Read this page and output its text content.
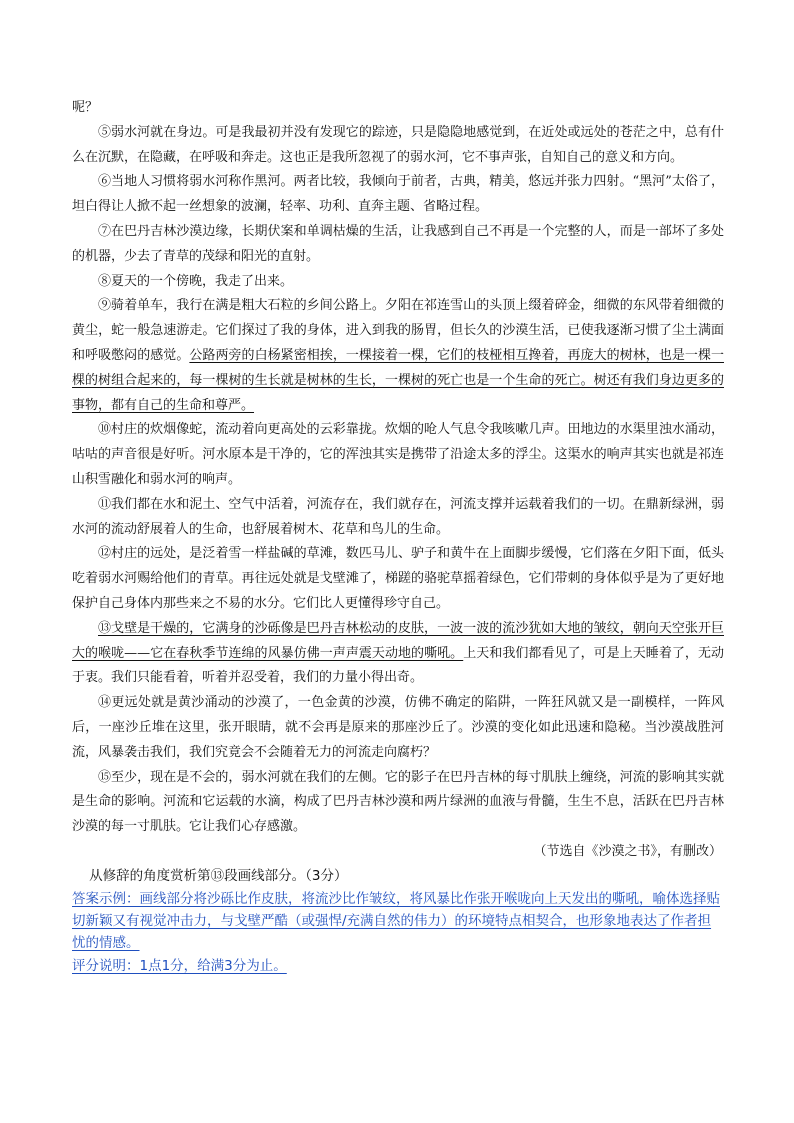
呢？

⑤弱水河就在身边。可是我最初并没有发现它的踪迹，只是隐隐地感觉到，在近处或远处的苍茫之中，总有什么在沉默，在隐藏，在呼吸和奔走。这也正是我所忽视了的弱水河，它不事声张，自知自己的意义和方向。

⑥当地人习惯将弱水河称作黑河。两者比较，我倾向于前者，古典，精美，悠远并张力四射。“黑河”太俗了，坦白得让人掀不起一丝想象的波澜，轻率、功利、直奔主题、省略过程。

⑦在巴丹吉林沙漠边缘，长期伏案和单调枯燥的生活，让我感到自己不再是一个完整的人，而是一部坏了多处的机器，少去了青草的茂绿和阳光的直射。

⑧夏天的一个傍晚，我走了出来。

⑨骑着单车，我行在满是粗大石粒的乡间公路上。夕阳在祁连雪山的头顶上缀着碎金，细微的东风带着细微的黄尘，蛇一般急速游走。它们探过了我的身体，进入到我的肠胃，但长久的沙漠生活，已使我逐渐习惯了尘土满面和呼吸憋闷的感觉。公路两旁的白杨紧密相挨，一棵接着一棵，它们的枝桠相互搀着，再庞大的树林，也是一棵一棵的树组合起来的，每一棵树的生长就是树林的生长，一棵树的死亡也是一个生命的死亡。树还有我们身边更多的事物，都有自己的生命和尊严。

⑩村庄的炊烟像蛇，流动着向更高处的云彩靠拢。炊烟的呛人气息令我咳嗽几声。田地边的水渠里浊水涌动，咕咕的声音很是好听。河水原本是干净的，它的浑浊其实是携带了沿途太多的浮尘。这渠水的响声其实也就是祁连山积雪融化和弱水河的响声。

⑪我们都在水和泥土、空气中活着，河流存在，我们就存在，河流支撑并运载着我们的一切。在鼎新绿洲，弱水河的流动舒展着人的生命，也舒展着树木、花草和鸟儿的生命。

⑫村庄的远处，是泛着雪一样盐碱的草滩，数匹马儿、驴子和黄牛在上面脚步缓慢，它们落在夕阳下面，低头吃着弱水河赐给他们的青草。再往远处就是戈壁滩了，梯蹉的骆驼草摇着绿色，它们带刺的身体似乎是为了更好地保护自己身体内那些来之不易的水分。它们比人更懂得珍守自己。

⑬戈壁是干燥的，它满身的沙砾像是巴丹吉林松动的皮肤，一波一波的流沙犹如大地的皱纹，朝向天空张开巨大的喉咙——它在春秋季节连绵的风暴仿佛一声声震天动地的嘶吼。上天和我们都看见了，可是上天睡着了，无动于衷。我们只能看着，听着并忍受着，我们的力量小得出奇。

⑭更远处就是黄沙涌动的沙漠了，一色金黄的沙漠，仿佛不确定的陷阱，一阵狂风就又是一副模样，一阵风后，一座沙丘堆在这里，张开眼睛，就不会再是原来的那座沙丘了。沙漠的变化如此迅速和隐秘。当沙漠战胜河流，风暴袭击我们，我们究竟会不会随着无力的河流走向腐朽？

⑮至少，现在是不会的，弱水河就在我们的左侧。它的影子在巴丹吉林的每寸肌肤上缠绕，河流的影响其实就是生命的影响。河流和它运载的水滴，构成了巴丹吉林沙漠和两片绿洲的血液与骨髓，生生不息，活跃在巴丹吉林沙漠的每一寸肌肤。它让我们心存感激。

（节选自《沙漠之书》，有删改）

从修辞的角度赏析第⑬段画线部分。（3分）

答案示例：画线部分将沙砾比作皮肤，将流沙比作皱纹，将风暴比作张开喉咙向上天发出的嘶吼，喻体选择贴切新颖又有视觉冲击力，与戈壁严酷（或强悍/充满自然的伟力）的环境特点相契合，也形象地表达了作者担忧的情感。

评分说明：1点1分，给满3分为止。
